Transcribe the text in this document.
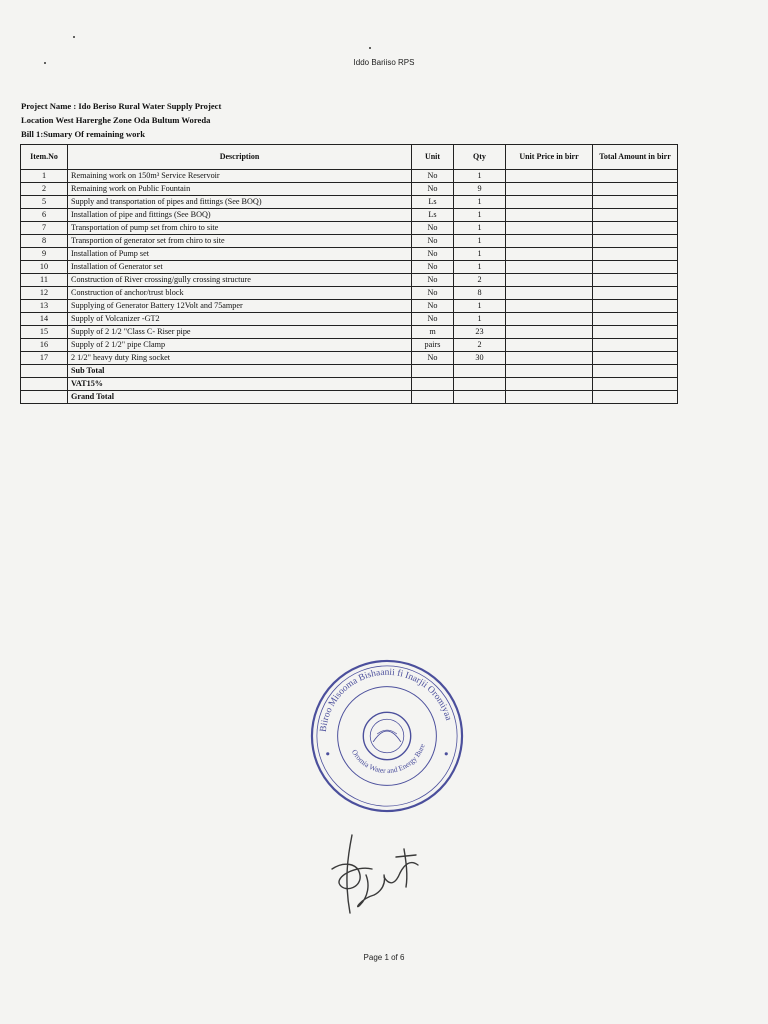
Iddo Bariiso RPS
Project Name : Ido Beriso Rural Water Supply Project
Location West Harerghe Zone Oda Bultum Woreda
Bill 1:Sumary Of remaining work
Item.No	Description	Unit	Qty	Unit Price in birr	Total Amount in birr
1	Remaining work on 150m³ Service Reservoir	No	1		
2	Remaining work on Public Fountain	No	9		
5	Supply and transportation of pipes and fittings (See BOQ)	Ls	1		
6	Installation of pipe and fittings (See BOQ)	Ls	1		
7	Transportation of pump set from chiro to site	No	1		
8	Transportion of generator set from chiro to site	No	1		
9	Installation of Pump set	No	1		
10	Installation of Generator set	No	1		
11	Construction of River crossing/gully crossing structure	No	2		
12	Construction of anchor/trust block	No	8		
13	Supplying of Generator Battery 12Volt and 75amper	No	1		
14	Supply of Volcanizer -GT2	No	1		
15	Supply of 2 1/2 "Class C- Riser pipe	m	23		
16	Supply of 2 1/2" pipe Clamp	pairs	2		
17	2 1/2" heavy duty Ring socket	No	30		
	Sub Total				
	VAT15%				
	Grand Total				
Biiroo Misooma Bishaanii fi Inarjii Oromiyaa
Oromia Water and Energy Bure
Page 1 of 6
